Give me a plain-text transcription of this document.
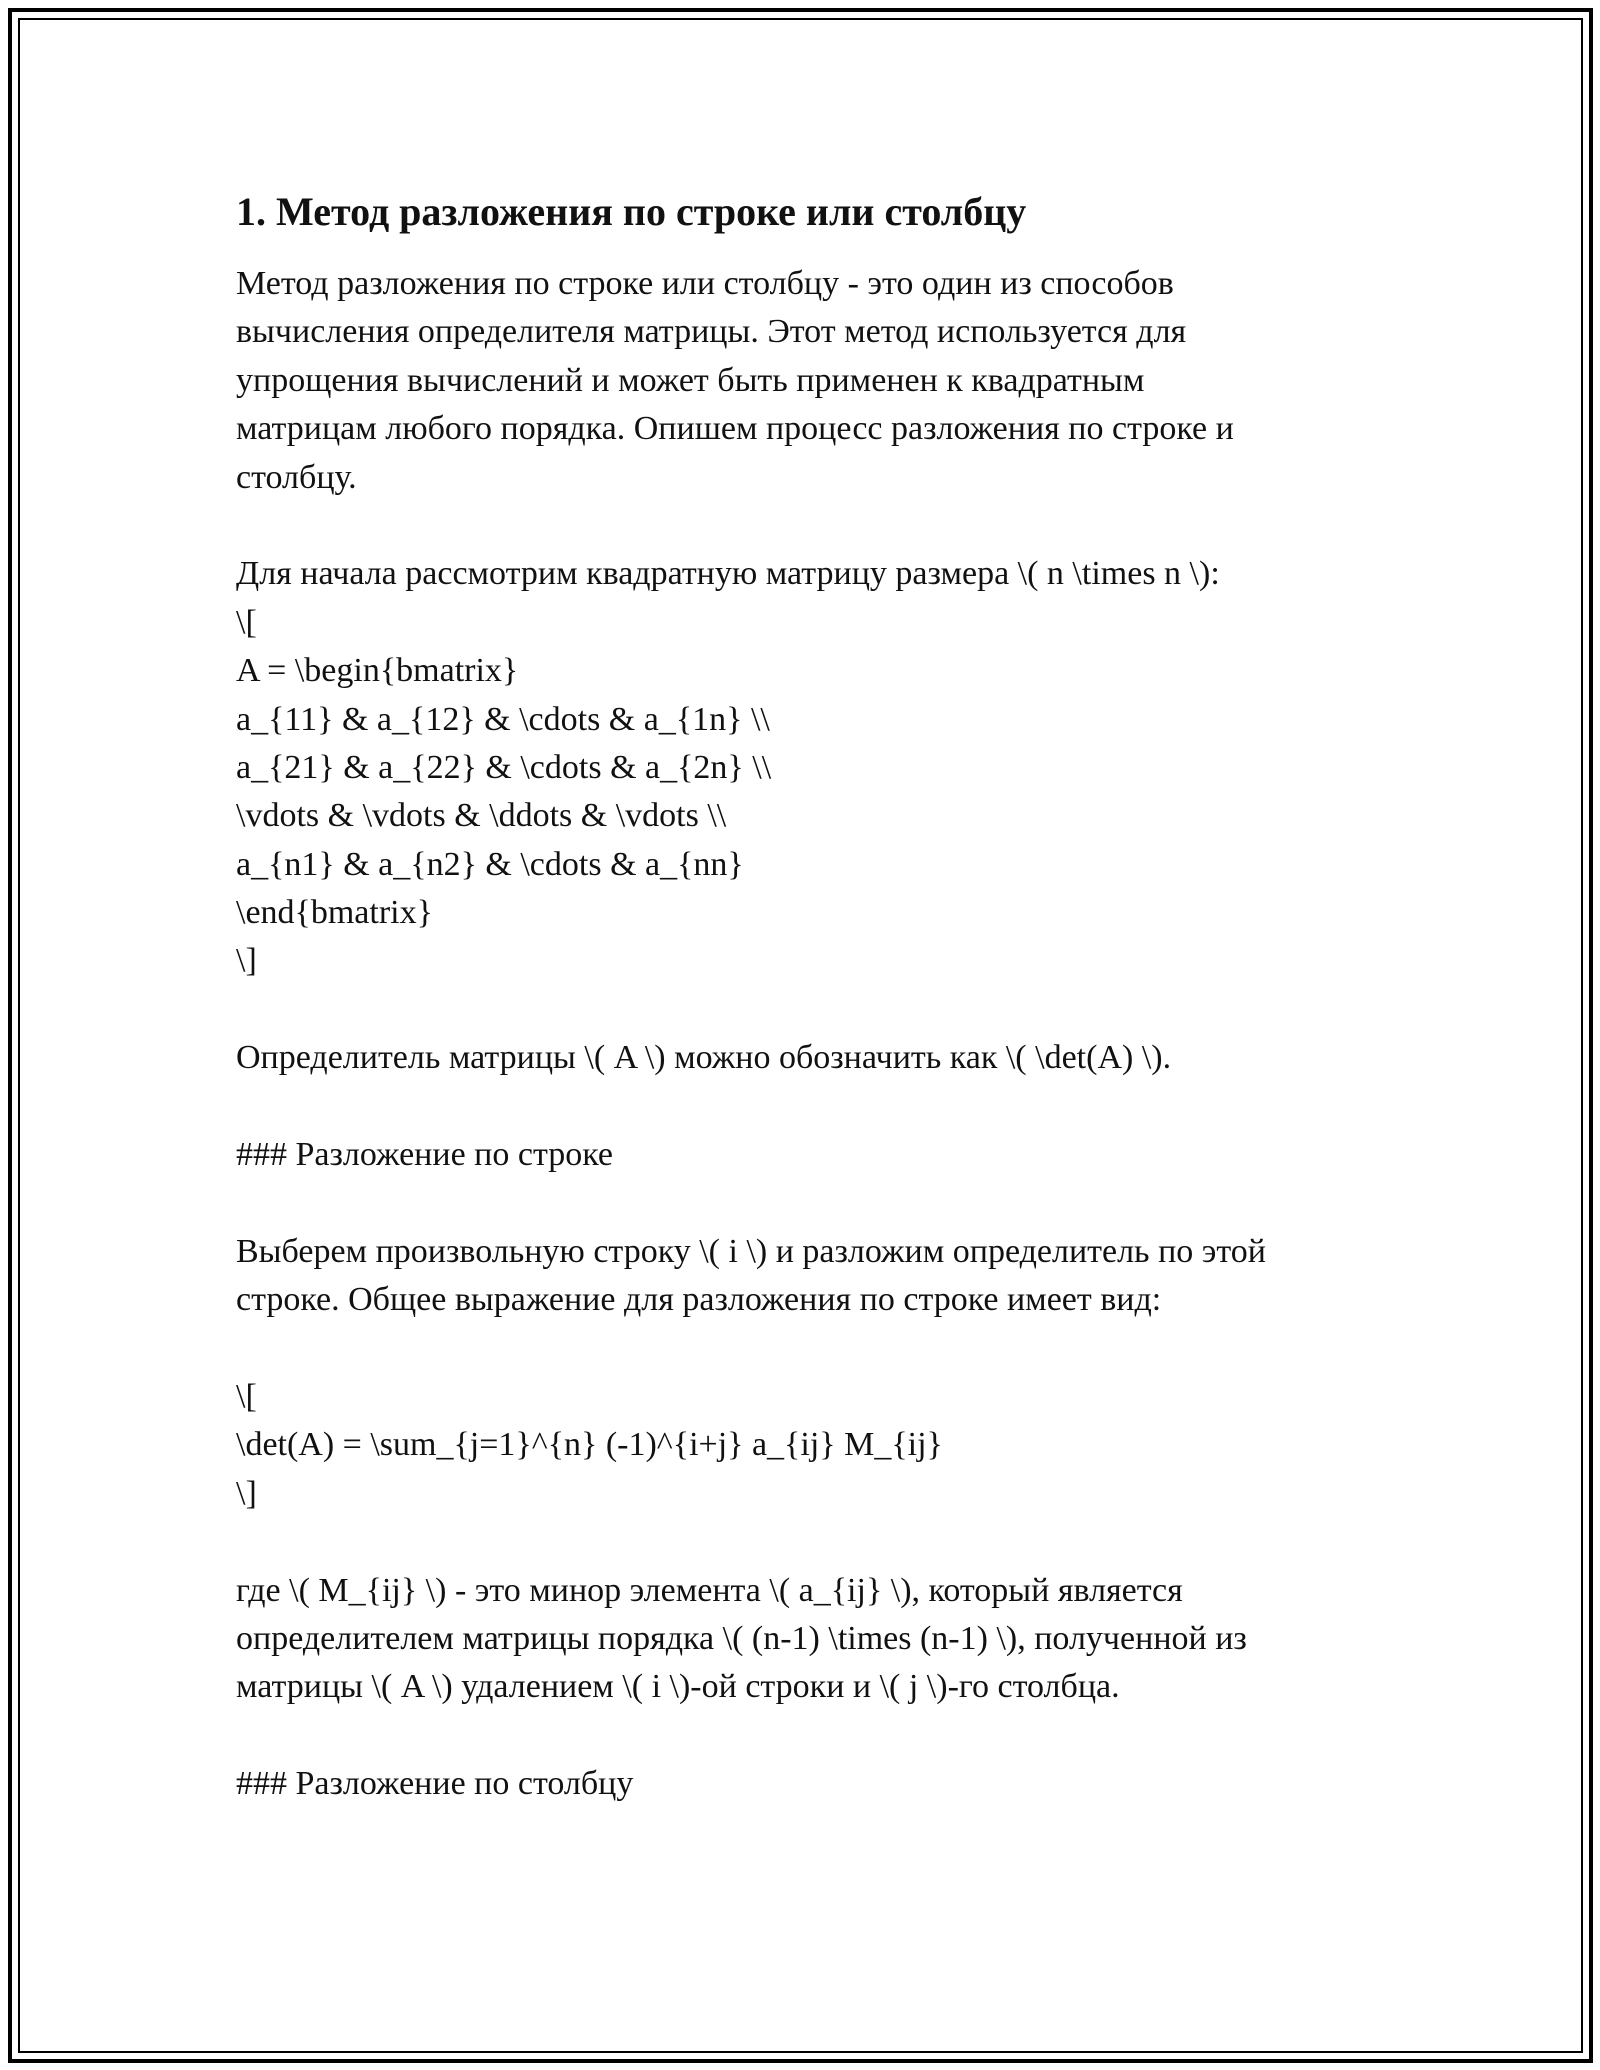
1. Метод разложения по строке или столбцу
Метод разложения по строке или столбцу - это один из способов
вычисления определителя матрицы. Этот метод используется для
упрощения вычислений и может быть применен к квадратным
матрицам любого порядка. Опишем процесс разложения по строке и
столбцу.
Для начала рассмотрим квадратную матрицу размера \( n \times n \):
\[
A = \begin{bmatrix}
a_{11} & a_{12} & \cdots & a_{1n} \\
a_{21} & a_{22} & \cdots & a_{2n} \\
\vdots & \vdots & \ddots & \vdots \\
a_{n1} & a_{n2} & \cdots & a_{nn}
\end{bmatrix}
\]
Определитель матрицы \( A \) можно обозначить как \( \det(A) \).
### Разложение по строке
Выберем произвольную строку \( i \) и разложим определитель по этой
строке. Общее выражение для разложения по строке имеет вид:
\[
\det(A) = \sum_{j=1}^{n} (-1)^{i+j} a_{ij} M_{ij}
\]
где \( M_{ij} \) - это минор элемента \( a_{ij} \), который является
определителем матрицы порядка \( (n-1) \times (n-1) \), полученной из
матрицы \( A \) удалением \( i \)-ой строки и \( j \)-го столбца.
### Разложение по столбцу
